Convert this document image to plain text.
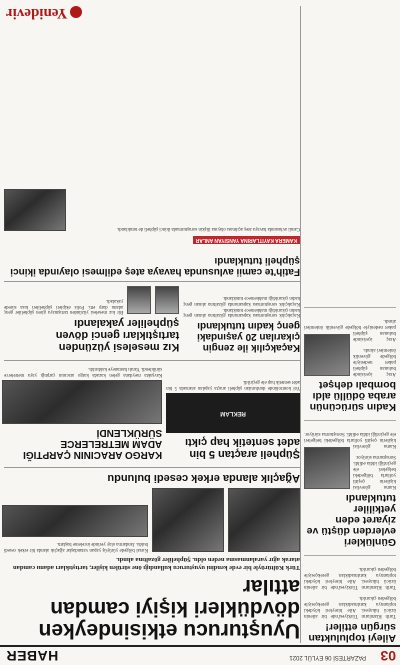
03
PAZARTESİ 06 EYLÜL 2021
HABER
Aileyi topluluktan sürgün ettiler!
Tarih Klamların Türkiyesi'nde bir ailenin üzücü hikayesi. Aile bireyleri köydeki toplantıya katılmadıkları gerekçesiyle bölgeden çıkarıldı.
Tarih Klamların Türkiyesi'nde bir ailenin üzücü hikayesi. Aile bireyleri köydeki toplantıya katılmadıkları gerekçesiyle bölgeden çıkarıldı.
Günlükleri evlerden düştü ve ziyaret eden yetkililer tutuklandı
Kamu görevlisi kişilerin çeşitli yollarla bölgedeki belgeleri ele geçirdiği iddia edildi. Soruşturma sürüyor.
Kamu görevlisi kişilerin çeşitli yollarla bölgedeki belgeleri ele geçirdiği iddia edildi. Soruşturma sürüyor.
Kadın sürücünün araba ödüllü aldı bombalı dehşet
Araç içerisinde bulunan şüpheli paket nedeniyle bölgede güvenlik önlemleri alındı.
Araç içerisinde bulunan şüpheli paket nedeniyle bölgede güvenlik önlemleri alındı.
Uyuşturucu etkisindeyken dövdükleri kişiyi camdan attılar
Türk Kültürüyle bir evde kendini uyuşturucu kullandığı öne sürülen kişiler, tartıştıkları adamı camdan atarak ağır yaralanmasına neden oldu. Şüpheliler gözaltına alındı.
Kırsal bölgede yürüyüş yapan vatandaşlar ağaçlık alanda bir erkek cesedi buldu. Jandarma olay yerinde inceleme başlattı.
Ağaçlık alanda erkek cesedi bulundu
Şüpheli araçtan 5 bin adet sentetik hap çıktı
REKLAM
Yol kontrolünde durdurulan şüpheli araçta yapılan aramada 5 bin adet sentetik hap ele geçirildi.
KARGO ARACININ ÇARPTIĞI ADAM METRELERCE SÜRÜKLENDİ
Kavşakta meydana gelen kazada kargo aracının çarptığı yaya metrelerce sürüklendi. Yaralı hastaneye kaldırıldı.
Kaçakçılık ile zengin çıkarılan 20 yaşındaki genç kadın tutuklandı
Kaçakçılık soruşturması kapsamında gözaltına alınan genç kadın çıkarıldığı mahkemece tutuklandı.
Kaçakçılık soruşturması kapsamında gözaltına alınan genç kadın çıkarıldığı mahkemece tutuklandı.
Kız meselesi yüzünden tartıştıkları genci döven şüpheliler yakalandı
Bir kız meselesi yüzünden tartışmaya giren şüpheliler genç adamı darp etti. Polis ekipleri şüphelileri kısa sürede yakaladı.
Fatih'te camii avlusunda havaya ateş edilmesi olayında ikinci şüpheli tutuklandı
KAMERA KAYITLARINA YANSIYAN ANLAR
Camii avlusunda havaya ateş açılması olayına ilişkin soruşturmada ikinci şüpheli de tutuklandı.
Yenidevir
